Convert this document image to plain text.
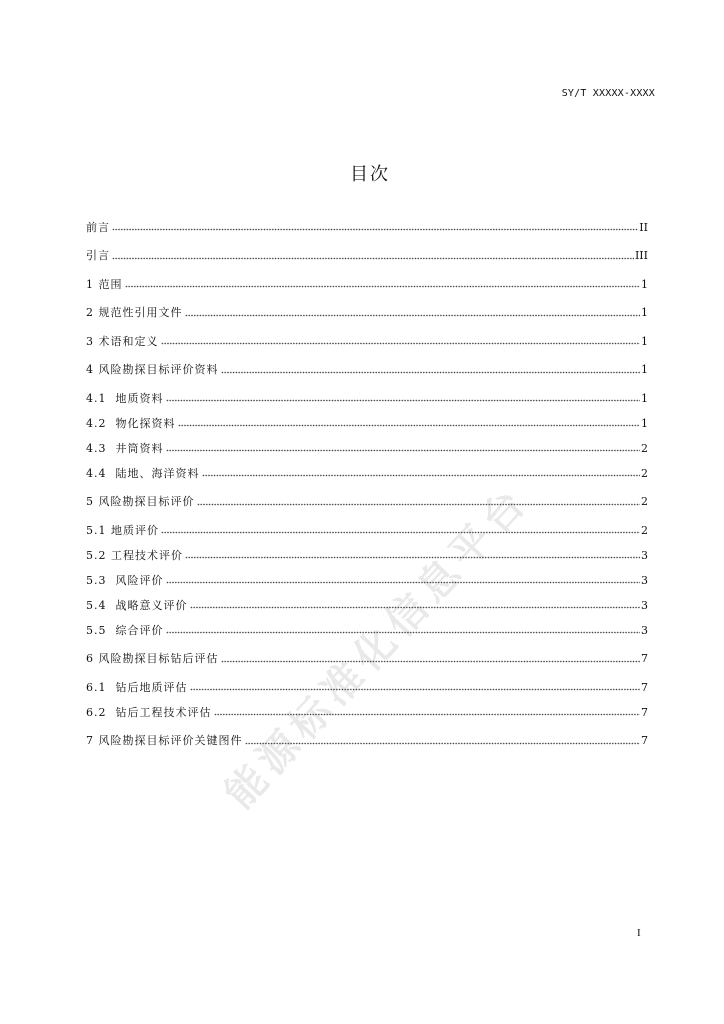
SY/T XXXXX-XXXX
目次
能源标准化信息平台
前言	II
引言	III
1 范围	1
2 规范性引用文件	1
3 术语和定义	1
4 风险勘探目标评价资料	1
4.1  地质资料	1
4.2  物化探资料	1
4.3  井筒资料	2
4.4  陆地、海洋资料	2
5 风险勘探目标评价	2
5.1 地质评价	2
5.2 工程技术评价	3
5.3  风险评价	3
5.4  战略意义评价	3
5.5  综合评价	3
6 风险勘探目标钻后评估	7
6.1  钻后地质评估	7
6.2  钻后工程技术评估	7
7 风险勘探目标评价关键图件	7
I
